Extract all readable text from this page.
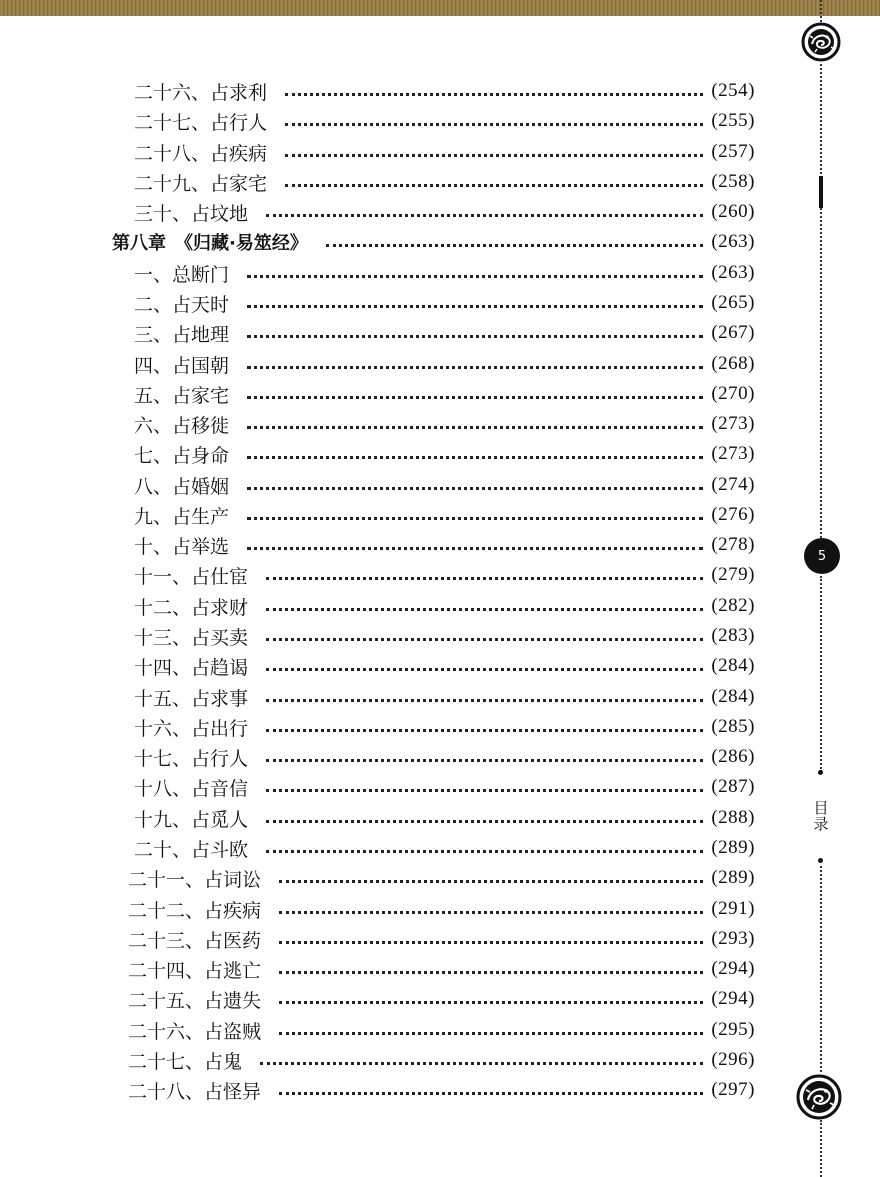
二十六、占求利	(254)
二十七、占行人	(255)
二十八、占疾病	(257)
二十九、占家宅	(258)
三十、占坟地	(260)
第八章　《归藏·易筮经》	(263)
一、总断门	(263)
二、占天时	(265)
三、占地理	(267)
四、占国朝	(268)
五、占家宅	(270)
六、占移徙	(273)
七、占身命	(273)
八、占婚姻	(274)
九、占生产	(276)
十、占举选	(278)
十一、占仕宦	(279)
十二、占求财	(282)
十三、占买卖	(283)
十四、占趋谒	(284)
十五、占求事	(284)
十六、占出行	(285)
十七、占行人	(286)
十八、占音信	(287)
十九、占觅人	(288)
二十、占斗欧	(289)
二十一、占词讼	(289)
二十二、占疾病	(291)
二十三、占医药	(293)
二十四、占逃亡	(294)
二十五、占遗失	(294)
二十六、占盗贼	(295)
二十七、占鬼	(296)
二十八、占怪异	(297)
目录
5
